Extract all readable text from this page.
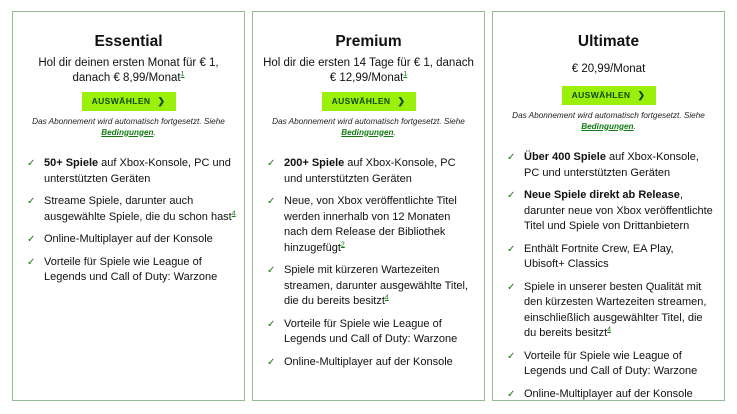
Essential
Hol dir deinen ersten Monat für € 1, danach € 8,99/Monat$^1$
AUSWÄHLEN ❯
Das Abonnement wird automatisch fortgesetzt. Siehe Bedingungen.
✓ 50+ Spiele auf Xbox-Konsole, PC und unterstützten Geräten
✓ Streame Spiele, darunter auch ausgewählte Spiele, die du schon hast$^4$
✓ Online-Multiplayer auf der Konsole
✓ Vorteile für Spiele wie League of Legends und Call of Duty: Warzone
Premium
Hol dir die ersten 14 Tage für € 1, danach € 12,99/Monat$^1$
AUSWÄHLEN ❯
Das Abonnement wird automatisch fortgesetzt. Siehe Bedingungen.
✓ 200+ Spiele auf Xbox-Konsole, PC und unterstützten Geräten
✓ Neue, von Xbox veröffentlichte Titel werden innerhalb von 12 Monaten nach dem Release der Bibliothek hinzugefügt$^2$
✓ Spiele mit kürzeren Wartezeiten streamen, darunter ausgewählte Titel, die du bereits besitzt$^4$
✓ Vorteile für Spiele wie League of Legends und Call of Duty: Warzone
✓ Online-Multiplayer auf der Konsole
Ultimate
€ 20,99/Monat
AUSWÄHLEN ❯
Das Abonnement wird automatisch fortgesetzt. Siehe Bedingungen.
✓ Über 400 Spiele auf Xbox-Konsole, PC und unterstützten Geräten
✓ Neue Spiele direkt ab Release, darunter neue von Xbox veröffentlichte Titel und Spiele von Drittanbietern
✓ Enthält Fortnite Crew, EA Play, Ubisoft+ Classics
✓ Spiele in unserer besten Qualität mit den kürzesten Wartezeiten streamen, einschließlich ausgewählter Titel, die du bereits besitzt$^4$
✓ Vorteile für Spiele wie League of Legends und Call of Duty: Warzone
✓ Online-Multiplayer auf der Konsole
